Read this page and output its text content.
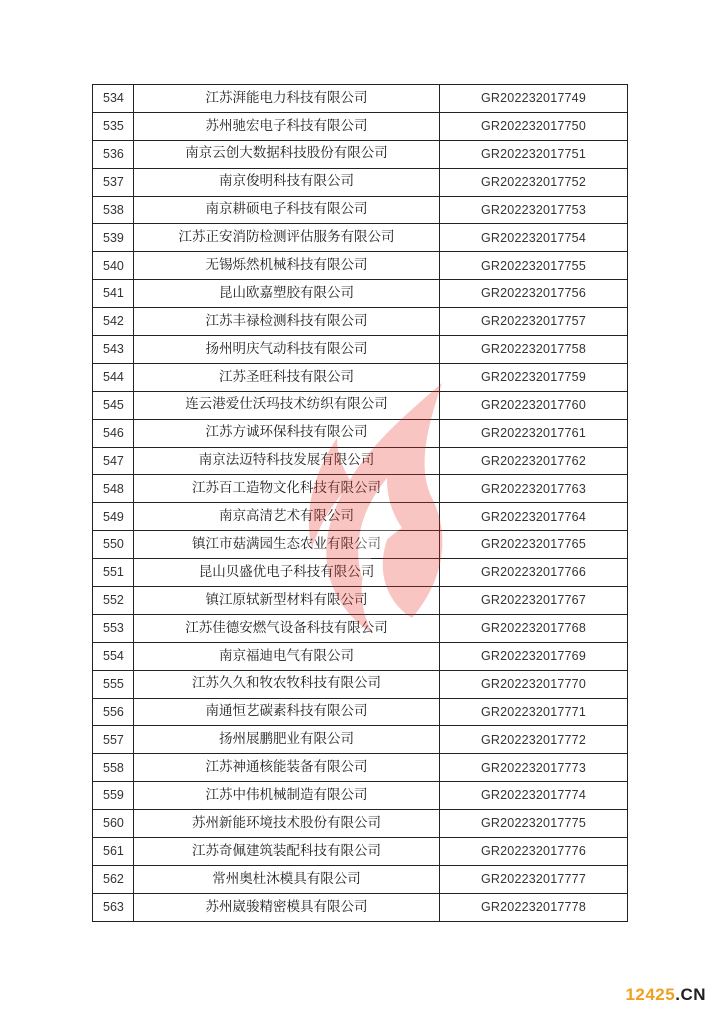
534	江苏湃能电力科技有限公司	GR202232017749
535	苏州驰宏电子科技有限公司	GR202232017750
536	南京云创大数据科技股份有限公司	GR202232017751
537	南京俊明科技有限公司	GR202232017752
538	南京耕硕电子科技有限公司	GR202232017753
539	江苏正安消防检测评估服务有限公司	GR202232017754
540	无锡烁然机械科技有限公司	GR202232017755
541	昆山欧嘉塑胶有限公司	GR202232017756
542	江苏丰禄检测科技有限公司	GR202232017757
543	扬州明庆气动科技有限公司	GR202232017758
544	江苏圣旺科技有限公司	GR202232017759
545	连云港爱仕沃玛技术纺织有限公司	GR202232017760
546	江苏方诚环保科技有限公司	GR202232017761
547	南京法迈特科技发展有限公司	GR202232017762
548	江苏百工造物文化科技有限公司	GR202232017763
549	南京高清艺术有限公司	GR202232017764
550	镇江市菇满园生态农业有限公司	GR202232017765
551	昆山贝盛优电子科技有限公司	GR202232017766
552	镇江原轼新型材料有限公司	GR202232017767
553	江苏佳德安燃气设备科技有限公司	GR202232017768
554	南京福迪电气有限公司	GR202232017769
555	江苏久久和牧农牧科技有限公司	GR202232017770
556	南通恒艺碳素科技有限公司	GR202232017771
557	扬州展鹏肥业有限公司	GR202232017772
558	江苏神通核能装备有限公司	GR202232017773
559	江苏中伟机械制造有限公司	GR202232017774
560	苏州新能环境技术股份有限公司	GR202232017775
561	江苏奇佩建筑装配科技有限公司	GR202232017776
562	常州奥杜沐模具有限公司	GR202232017777
563	苏州崴骏精密模具有限公司	GR202232017778
12425.CN
